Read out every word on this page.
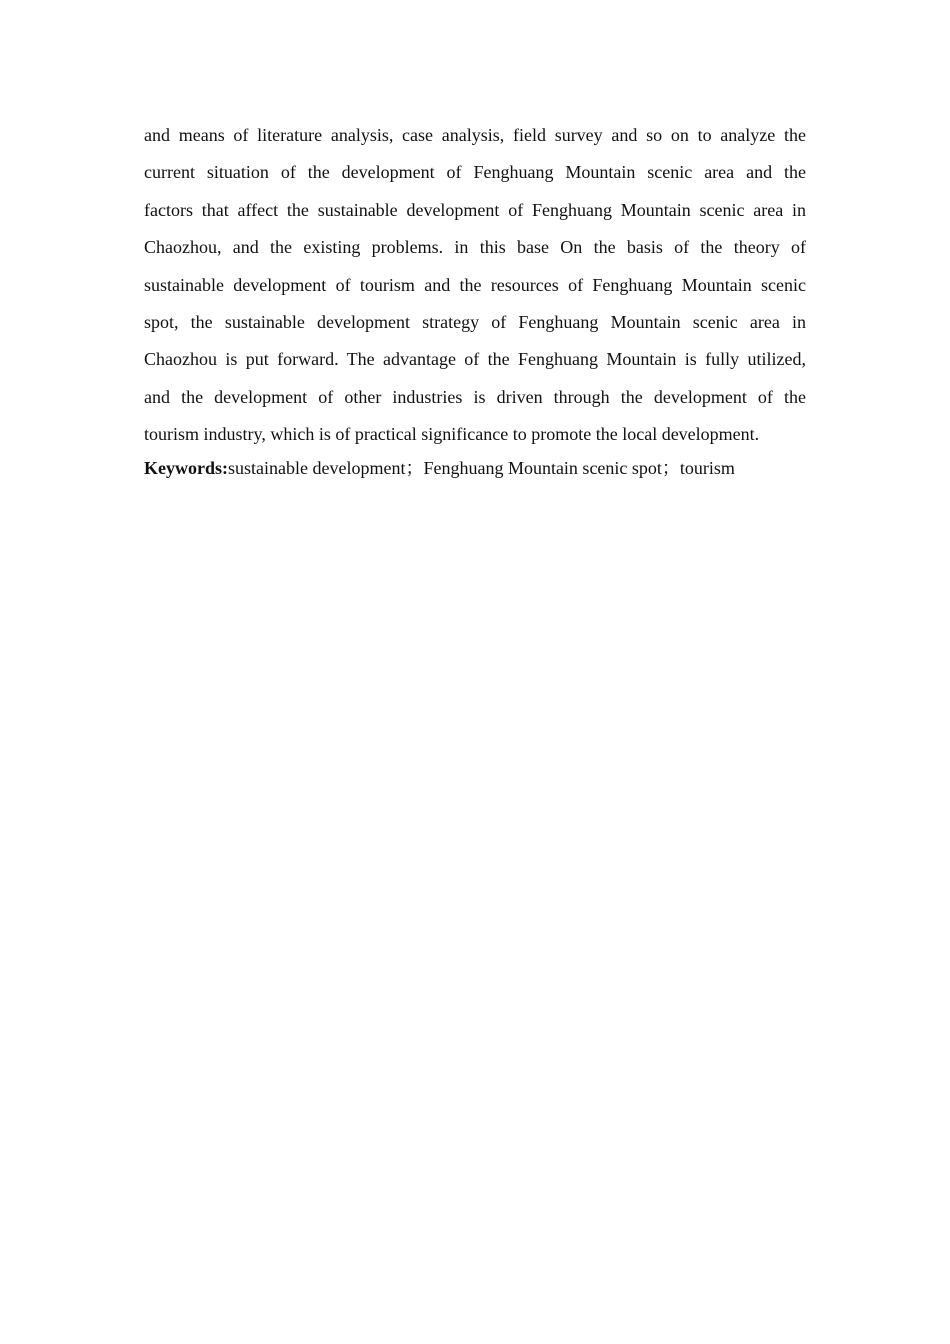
and means of literature analysis, case analysis, field survey and so on to analyze the
current situation of the development of Fenghuang Mountain scenic area and the
factors that affect the sustainable development of Fenghuang Mountain scenic area in
Chaozhou, and the existing problems. in this base On the basis of the theory of
sustainable development of tourism and the resources of Fenghuang Mountain scenic
spot, the sustainable development strategy of Fenghuang Mountain scenic area in
Chaozhou is put forward. The advantage of the Fenghuang Mountain is fully utilized,
and the development of other industries is driven through the development of the
tourism industry, which is of practical significance to promote the local development.
Keywords:sustainable development；Fenghuang Mountain scenic spot；tourism
